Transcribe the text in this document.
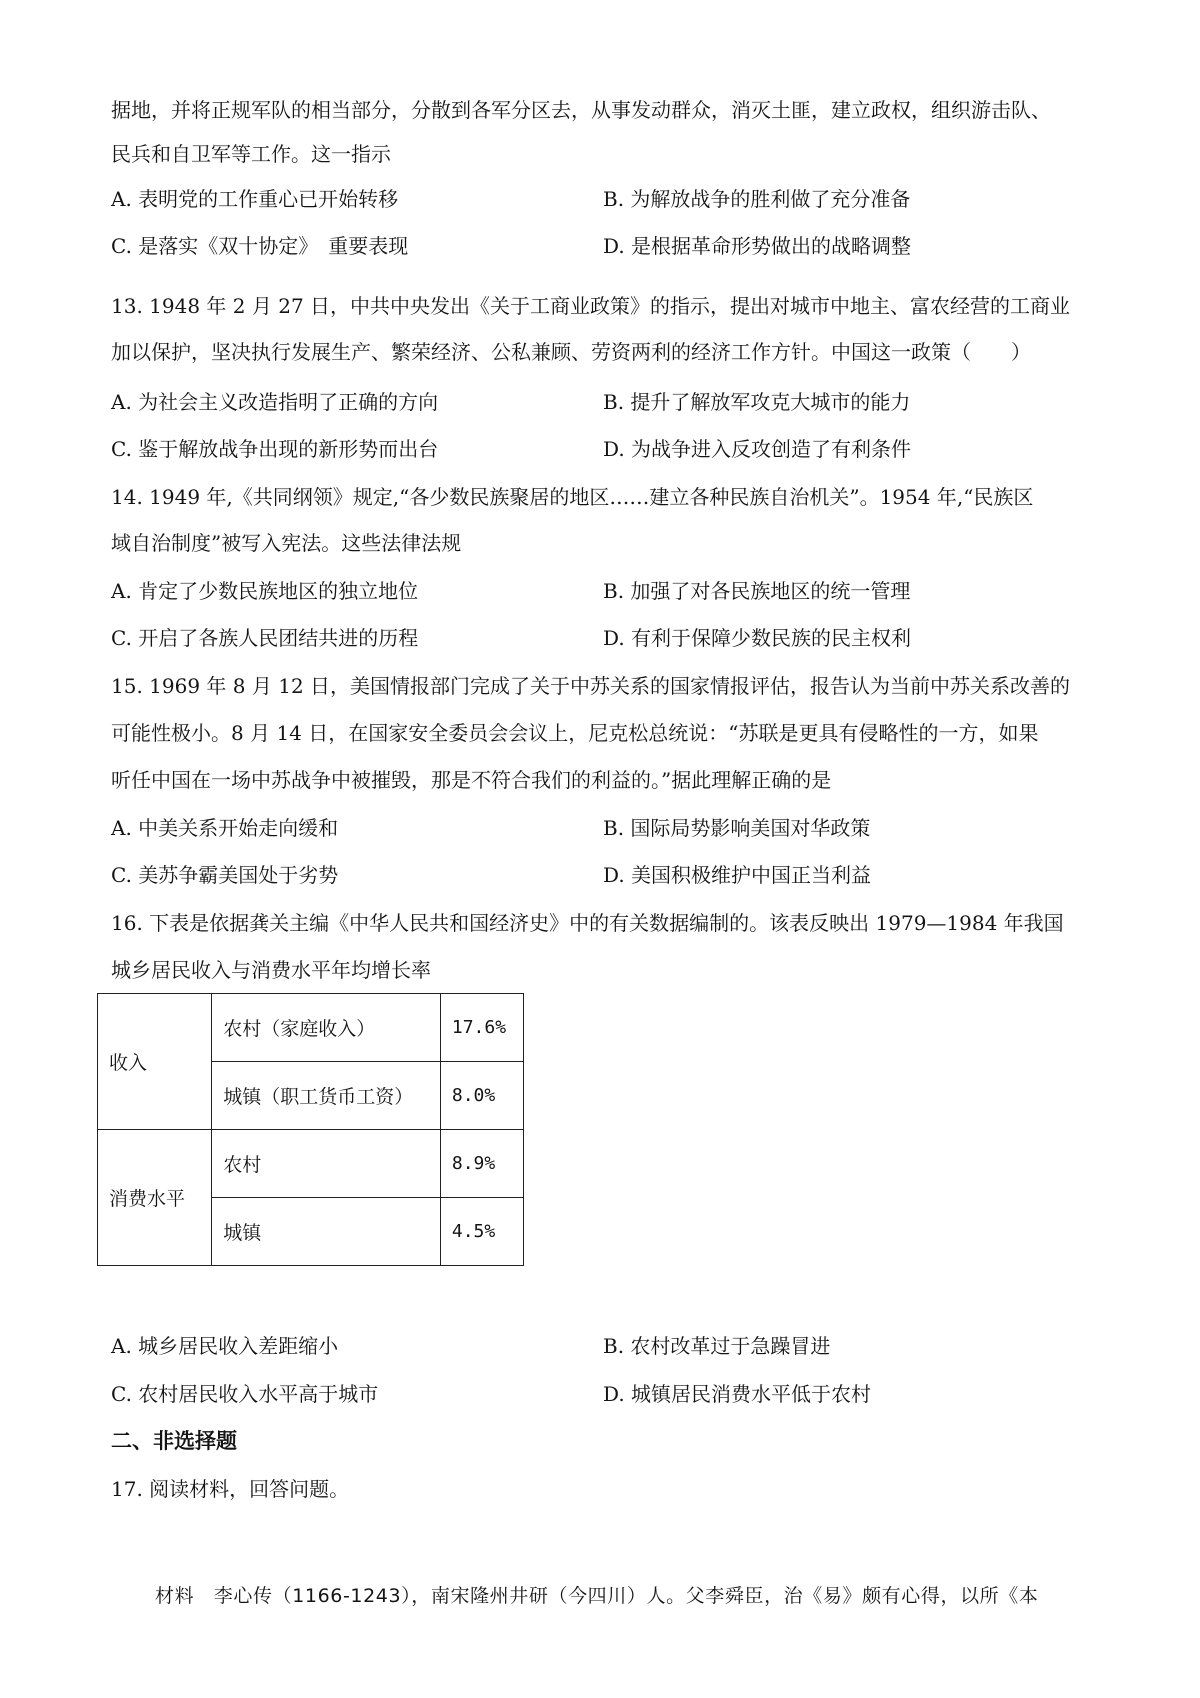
据地，并将正规军队的相当部分，分散到各军分区去，从事发动群众，消灭土匪，建立政权，组织游击队、
民兵和自卫军等工作。这一指示
A. 表明党的工作重心已开始转移	B. 为解放战争的胜利做了充分准备
C. 是落实《双十协定》　重要表现	D. 是根据革命形势做出的战略调整
13. 1948 年 2 月 27 日，中共中央发出《关于工商业政策》的指示，提出对城市中地主、富农经营的工商业
加以保护，坚决执行发展生产、繁荣经济、公私兼顾、劳资两利的经济工作方针。中国这一政策（　　）
A. 为社会主义改造指明了正确的方向	B. 提升了解放军攻克大城市的能力
C. 鉴于解放战争出现的新形势而出台	D. 为战争进入反攻创造了有利条件
14. 1949 年,《共同纲领》规定,“各少数民族聚居的地区……建立各种民族自治机关”。1954 年,“民族区
域自治制度”被写入宪法。这些法律法规
A. 肯定了少数民族地区的独立地位	B. 加强了对各民族地区的统一管理
C. 开启了各族人民团结共进的历程	D. 有利于保障少数民族的民主权利
15. 1969 年 8 月 12 日，美国情报部门完成了关于中苏关系的国家情报评估，报告认为当前中苏关系改善的
可能性极小。8 月 14 日，在国家安全委员会会议上，尼克松总统说：“苏联是更具有侵略性的一方，如果
听任中国在一场中苏战争中被摧毁，那是不符合我们的利益的。”据此理解正确的是
A. 中美关系开始走向缓和	B. 国际局势影响美国对华政策
C. 美苏争霸美国处于劣势	D. 美国积极维护中国正当利益
16. 下表是依据龚关主编《中华人民共和国经济史》中的有关数据编制的。该表反映出 1979—1984 年我国
城乡居民收入与消费水平年均增长率
收入	农村（家庭收入）	17.6%
	城镇（职工货币工资）	8.0%
消费水平	农村	8.9%
	城镇	4.5%
A. 城乡居民收入差距缩小	B. 农村改革过于急躁冒进
C. 农村居民收入水平高于城市	D. 城镇居民消费水平低于农村
二、非选择题
17. 阅读材料，回答问题。
材料　李心传（1166-1243），南宋隆州井研（今四川）人。父李舜臣，治《易》颇有心得，以所《本
